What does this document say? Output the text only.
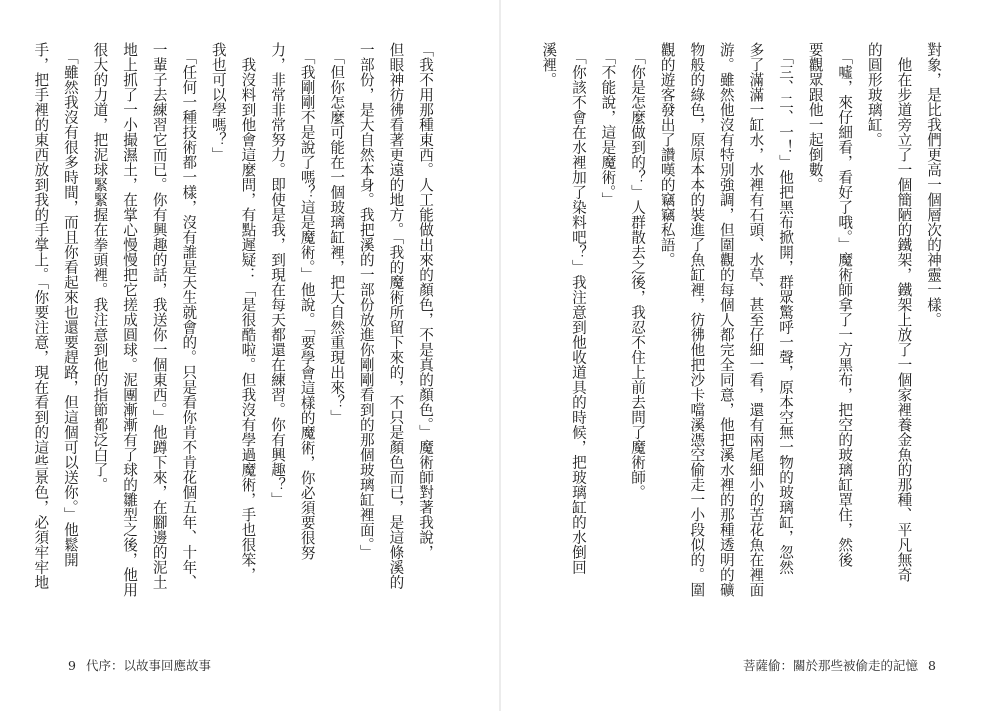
「我不用那種東西。人工能做出來的顏色，不是真的顏色。」魔術師對著我說，
但眼神彷彿看著更遠的地方。「我的魔術所留下來的，不只是顏色而已，是這條溪的
一部份，是大自然本身。我把溪的一部份放進你剛剛看到的那個玻璃缸裡面。」
　「但你怎麼可能在一個玻璃缸裡，把大自然重現出來？」
　「我剛剛不是說了嗎？這是魔術。」他說。「要學會這樣的魔術，你必須要很努
力，非常非常努力。即使是我，到現在每天都還在練習。你有興趣？」
　我沒料到他會這麼問，有點遲疑：「是很酷啦。但我沒有學過魔術，手也很笨，
我也可以學嗎？」
　「任何一種技術都一樣，沒有誰是天生就會的。只是看你肯不肯花個五年、十年、
一輩子去練習它而已。你有興趣的話，我送你一個東西。」他蹲下來，在腳邊的泥土
地上抓了一小撮濕土，在掌心慢慢把它搓成圓球。泥團漸漸有了球的雛型之後，他用
很大的力道，把泥球緊緊握在拳頭裡。我注意到他的指節都泛白了。
　「雖然我沒有很多時間，而且你看起來也還要趕路，但這個可以送你。」他鬆開
手，把手裡的東西放到我的手掌上。「你要注意，現在看到的這些景色，必須牢牢地
9 代序：以故事回應故事
對象，是比我們更高一個層次的神靈一樣。
　他在步道旁立了一個簡陋的鐵架，鐵架上放了一個家裡養金魚的那種、平凡無奇
的圓形玻璃缸。
　「噓，來仔細看，看好了哦。」魔術師拿了一方黑布，把空的玻璃缸罩住，然後
要觀眾跟他一起倒數。
　「三、二、一！」他把黑布掀開，群眾驚呼一聲，原本空無一物的玻璃缸，忽然
多了滿滿一缸水，水裡有石頭、水草、甚至仔細一看，還有兩尾細小的苦花魚在裡面
游。雖然他沒有特別強調，但圍觀的每個人都完全同意，他把溪水裡的那種透明的礦
物般的綠色，原原本本的裝進了魚缸裡，彷彿他把沙卡噹溪憑空偷走一小段似的。圍
觀的遊客發出了讚嘆的竊竊私語。
　「你是怎麼做到的？」人群散去之後，我忍不住上前去問了魔術師。
　「不能說，這是魔術。」
　「你該不會在水裡加了染料吧？」我注意到他收道具的時候，把玻璃缸的水倒回
溪裡。
菩薩偷：關於那些被偷走的記憶 8
